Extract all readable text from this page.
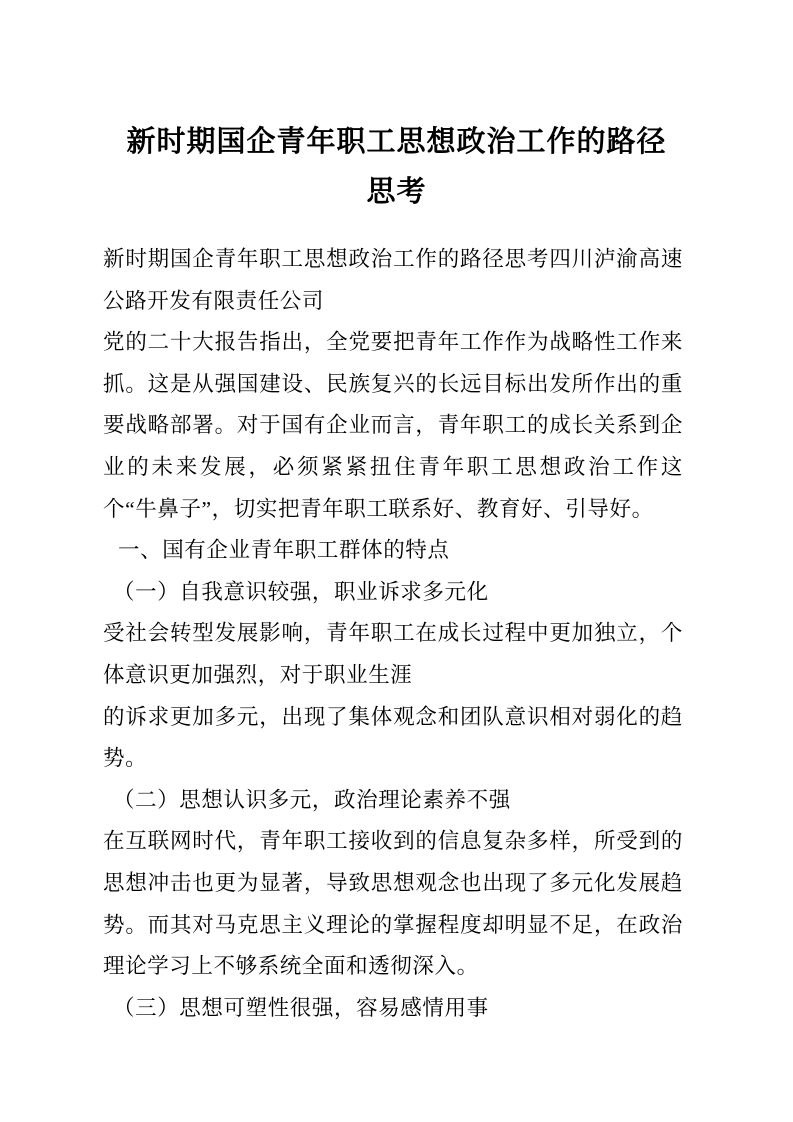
新时期国企青年职工思想政治工作的路径思考

新时期国企青年职工思想政治工作的路径思考四川泸渝高速公路开发有限责任公司

党的二十大报告指出，全党要把青年工作作为战略性工作来抓。这是从强国建设、民族复兴的长远目标出发所作出的重要战略部署。对于国有企业而言，青年职工的成长关系到企业的未来发展，必须紧紧扭住青年职工思想政治工作这个“牛鼻子”，切实把青年职工联系好、教育好、引导好。

一、国有企业青年职工群体的特点

（一）自我意识较强，职业诉求多元化

受社会转型发展影响，青年职工在成长过程中更加独立，个体意识更加强烈，对于职业生涯

的诉求更加多元，出现了集体观念和团队意识相对弱化的趋势。

（二）思想认识多元，政治理论素养不强

在互联网时代，青年职工接收到的信息复杂多样，所受到的思想冲击也更为显著，导致思想观念也出现了多元化发展趋势。而其对马克思主义理论的掌握程度却明显不足，在政治理论学习上不够系统全面和透彻深入。

（三）思想可塑性很强，容易感情用事
